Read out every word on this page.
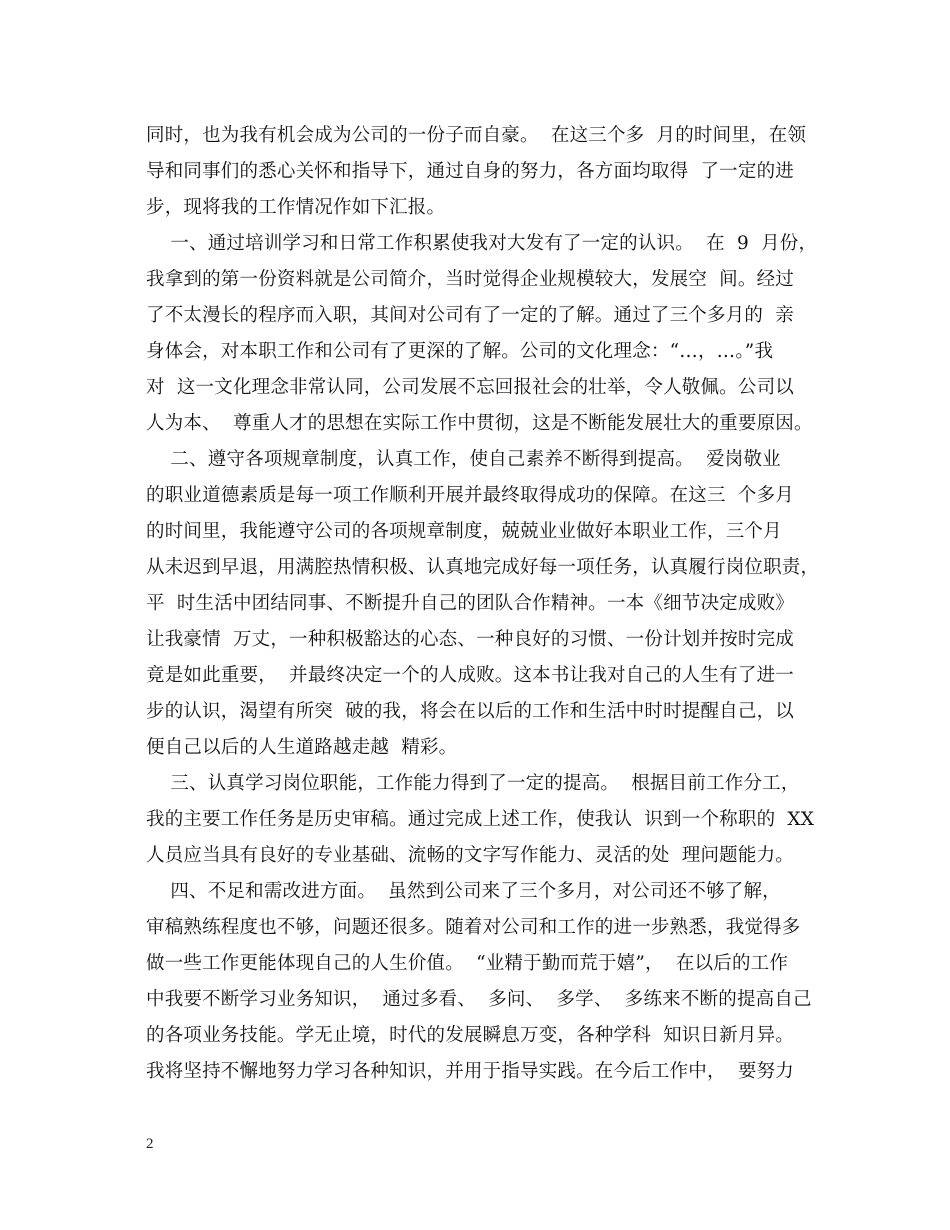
同时，也为我有机会成为公司的一份子而自豪。  在这三个多  月的时间里，在领
导和同事们的悉心关怀和指导下，通过自身的努力，各方面均取得  了一定的进
步，现将我的工作情况作如下汇报。
一、通过培训学习和日常工作积累使我对大发有了一定的认识。  在  9  月份，
我拿到的第一份资料就是公司简介，当时觉得企业规模较大，发展空  间。经过
了不太漫长的程序而入职，其间对公司有了一定的了解。通过了三个多月的  亲
身体会，对本职工作和公司有了更深的了解。公司的文化理念：“…，…。”我
对  这一文化理念非常认同，公司发展不忘回报社会的壮举，令人敬佩。公司以
人为本、  尊重人才的思想在实际工作中贯彻，这是不断能发展壮大的重要原因。
二、遵守各项规章制度，认真工作，使自己素养不断得到提高。  爱岗敬业
的职业道德素质是每一项工作顺利开展并最终取得成功的保障。在这三  个多月
的时间里，我能遵守公司的各项规章制度，兢兢业业做好本职业工作，三个月
从未迟到早退，用满腔热情积极、认真地完成好每一项任务，认真履行岗位职责，
平  时生活中团结同事、不断提升自己的团队合作精神。一本《细节决定成败》
让我豪情  万丈，一种积极豁达的心态、一种良好的习惯、一份计划并按时完成
竟是如此重要，  并最终决定一个的人成败。这本书让我对自己的人生有了进一
步的认识，渴望有所突  破的我，将会在以后的工作和生活中时时提醒自己，以
便自己以后的人生道路越走越  精彩。
三、认真学习岗位职能，工作能力得到了一定的提高。  根据目前工作分工，
我的主要工作任务是历史审稿。通过完成上述工作，使我认  识到一个称职的  XX
人员应当具有良好的专业基础、流畅的文字写作能力、灵活的处  理问题能力。
四、不足和需改进方面。  虽然到公司来了三个多月，对公司还不够了解，
审稿熟练程度也不够，问题还很多。随着对公司和工作的进一步熟悉，我觉得多
做一些工作更能体现自己的人生价值。  “业精于勤而荒于嬉”，  在以后的工作
中我要不断学习业务知识，  通过多看、  多问、  多学、  多练来不断的提高自己
的各项业务技能。学无止境，时代的发展瞬息万变，各种学科  知识日新月异。
我将坚持不懈地努力学习各种知识，并用于指导实践。在今后工作中，  要努力
2
